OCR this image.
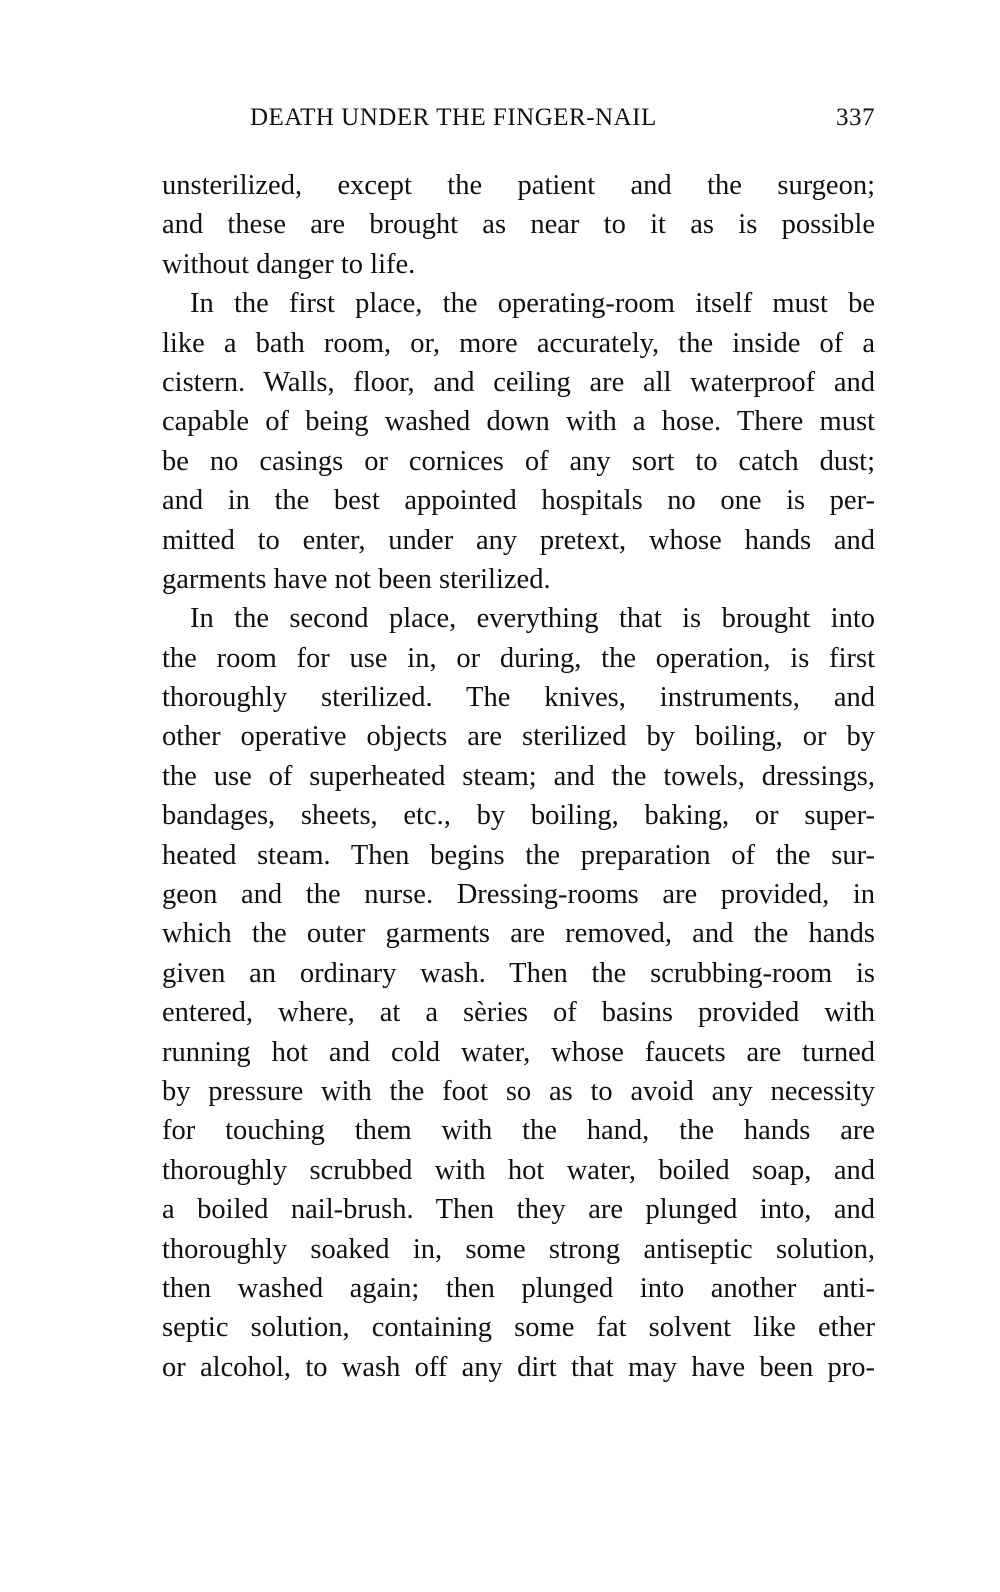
DEATH UNDER THE FINGER-NAIL	337
unsterilized, except the patient and the surgeon;
and these are brought as near to it as is possible
without danger to life.
In the first place, the operating-room itself must be
like a bath room, or, more accurately, the inside of a
cistern. Walls, floor, and ceiling are all waterproof and
capable of being washed down with a hose. There must
be no casings or cornices of any sort to catch dust;
and in the best appointed hospitals no one is per-
mitted to enter, under any pretext, whose hands and
garments have not been sterilized.
In the second place, everything that is brought into
the room for use in, or during, the operation, is first
thoroughly sterilized. The knives, instruments, and
other operative objects are sterilized by boiling, or by
the use of superheated steam; and the towels, dressings,
bandages, sheets, etc., by boiling, baking, or super-
heated steam. Then begins the preparation of the sur-
geon and the nurse. Dressing-rooms are provided, in
which the outer garments are removed, and the hands
given an ordinary wash. Then the scrubbing-room is
entered, where, at a sèries of basins provided with
running hot and cold water, whose faucets are turned
by pressure with the foot so as to avoid any necessity
for touching them with the hand, the hands are
thoroughly scrubbed with hot water, boiled soap, and
a boiled nail-brush. Then they are plunged into, and
thoroughly soaked in, some strong antiseptic solution,
then washed again; then plunged into another anti-
septic solution, containing some fat solvent like ether
or alcohol, to wash off any dirt that may have been pro-
